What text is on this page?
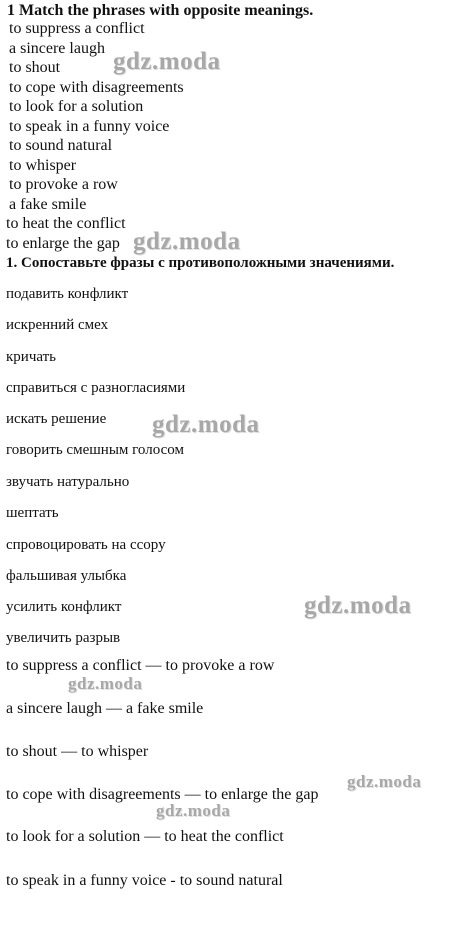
1 Match the phrases with opposite meanings.
to suppress a conflict
a sincere laugh
to shout
to cope with disagreements
to look for a solution
to speak in a funny voice
to sound natural
to whisper
to provoke a row
a fake smile
to heat the conflict
to enlarge the gap
1. Сопоставьте фразы с противоположными значениями.
подавить конфликт
искренний смех
кричать
справиться с разногласиями
искать решение
говорить смешным голосом
звучать натурально
шептать
спровоцировать на ссору
фальшивая улыбка
усилить конфликт
увеличить разрыв
to suppress a conflict — to provoke a row
a sincere laugh — a fake smile
to shout — to whisper
to cope with disagreements — to enlarge the gap
to look for a solution — to heat the conflict
to speak in a funny voice - to sound natural
gdz.moda
gdz.moda
gdz.moda
gdz.moda
gdz.moda
gdz.moda
gdz.moda
